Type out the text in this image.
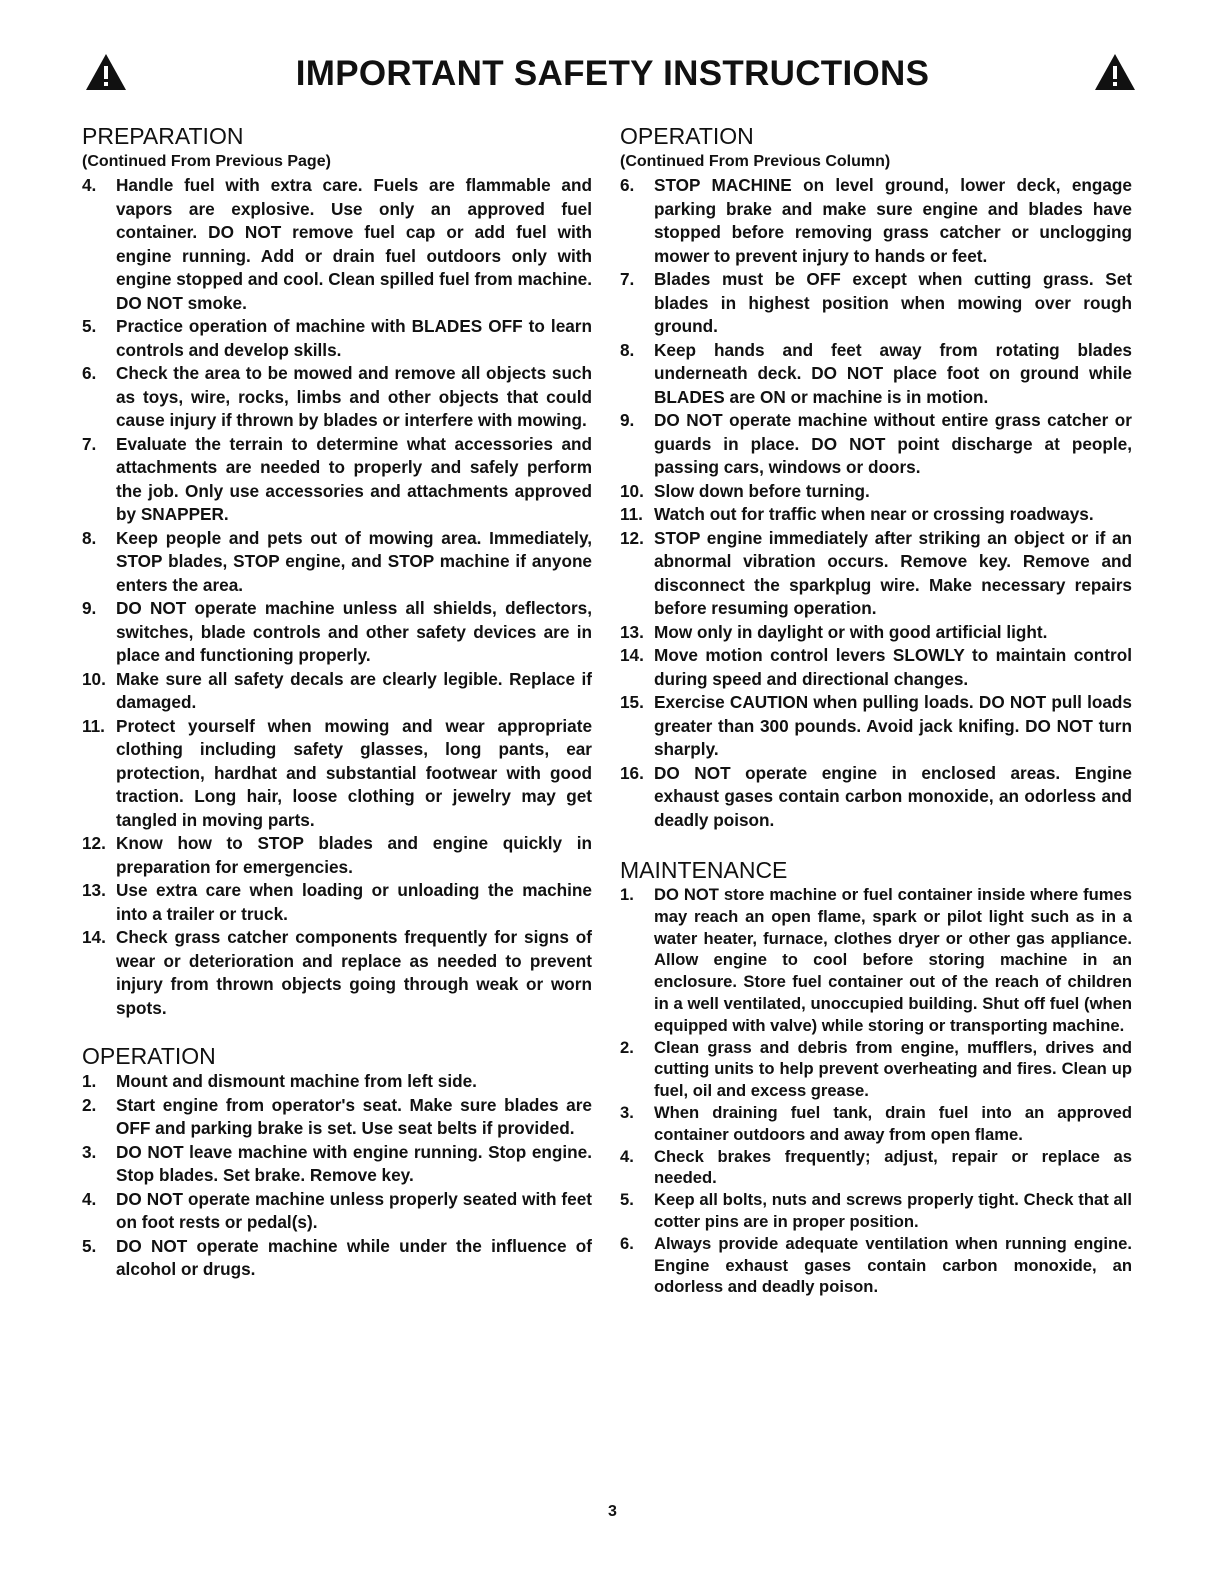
IMPORTANT SAFETY INSTRUCTIONS
PREPARATION

(Continued From Previous Page)

4. Handle fuel with extra care. Fuels are flammable and vapors are explosive. Use only an approved fuel container. DO NOT remove fuel cap or add fuel with engine running. Add or drain fuel outdoors only with engine stopped and cool. Clean spilled fuel from machine. DO NOT smoke.
5. Practice operation of machine with BLADES OFF to learn controls and develop skills.
6. Check the area to be mowed and remove all objects such as toys, wire, rocks, limbs and other objects that could cause injury if thrown by blades or interfere with mowing.
7. Evaluate the terrain to determine what accessories and attachments are needed to properly and safely perform the job. Only use accessories and attachments approved by SNAPPER.
8. Keep people and pets out of mowing area. Immediately, STOP blades, STOP engine, and STOP machine if anyone enters the area.
9. DO NOT operate machine unless all shields, deflectors, switches, blade controls and other safety devices are in place and functioning properly.
10. Make sure all safety decals are clearly legible. Replace if damaged.
11. Protect yourself when mowing and wear appropriate clothing including safety glasses, long pants, ear protection, hardhat and substantial footwear with good traction. Long hair, loose clothing or jewelry may get tangled in moving parts.
12. Know how to STOP blades and engine quickly in preparation for emergencies.
13. Use extra care when loading or unloading the machine into a trailer or truck.
14. Check grass catcher components frequently for signs of wear or deterioration and replace as needed to prevent injury from thrown objects going through weak or worn spots.
OPERATION
1. Mount and dismount machine from left side.
2. Start engine from operator's seat. Make sure blades are OFF and parking brake is set. Use seat belts if provided.
3. DO NOT leave machine with engine running. Stop engine. Stop blades. Set brake. Remove key.
4. DO NOT operate machine unless properly seated with feet on foot rests or pedal(s).
5. DO NOT operate machine while under the influence of alcohol or drugs.
OPERATION

(Continued From Previous Column)

6. STOP MACHINE on level ground, lower deck, engage parking brake and make sure engine and blades have stopped before removing grass catcher or unclogging mower to prevent injury to hands or feet.
7. Blades must be OFF except when cutting grass. Set blades in highest position when mowing over rough ground.
8. Keep hands and feet away from rotating blades underneath deck. DO NOT place foot on ground while BLADES are ON or machine is in motion.
9. DO NOT operate machine without entire grass catcher or guards in place. DO NOT point discharge at people, passing cars, windows or doors.
10. Slow down before turning.
11. Watch out for traffic when near or crossing roadways.
12. STOP engine immediately after striking an object or if an abnormal vibration occurs. Remove key. Remove and disconnect the sparkplug wire. Make necessary repairs before resuming operation.
13. Mow only in daylight or with good artificial light.
14. Move motion control levers SLOWLY to maintain control during speed and directional changes.
15. Exercise CAUTION when pulling loads. DO NOT pull loads greater than 300 pounds. Avoid jack knifing. DO NOT turn sharply.
16. DO NOT operate engine in enclosed areas. Engine exhaust gases contain carbon monoxide, an odorless and deadly poison.
MAINTENANCE
1. DO NOT store machine or fuel container inside where fumes may reach an open flame, spark or pilot light such as in a water heater, furnace, clothes dryer or other gas appliance. Allow engine to cool before storing machine in an enclosure. Store fuel container out of the reach of children in a well ventilated, unoccupied building. Shut off fuel (when equipped with valve) while storing or transporting machine.
2. Clean grass and debris from engine, mufflers, drives and cutting units to help prevent overheating and fires. Clean up fuel, oil and excess grease.
3. When draining fuel tank, drain fuel into an approved container outdoors and away from open flame.
4. Check brakes frequently; adjust, repair or replace as needed.
5. Keep all bolts, nuts and screws properly tight. Check that all cotter pins are in proper position.
6. Always provide adequate ventilation when running engine. Engine exhaust gases contain carbon monoxide, an odorless and deadly poison.
3
